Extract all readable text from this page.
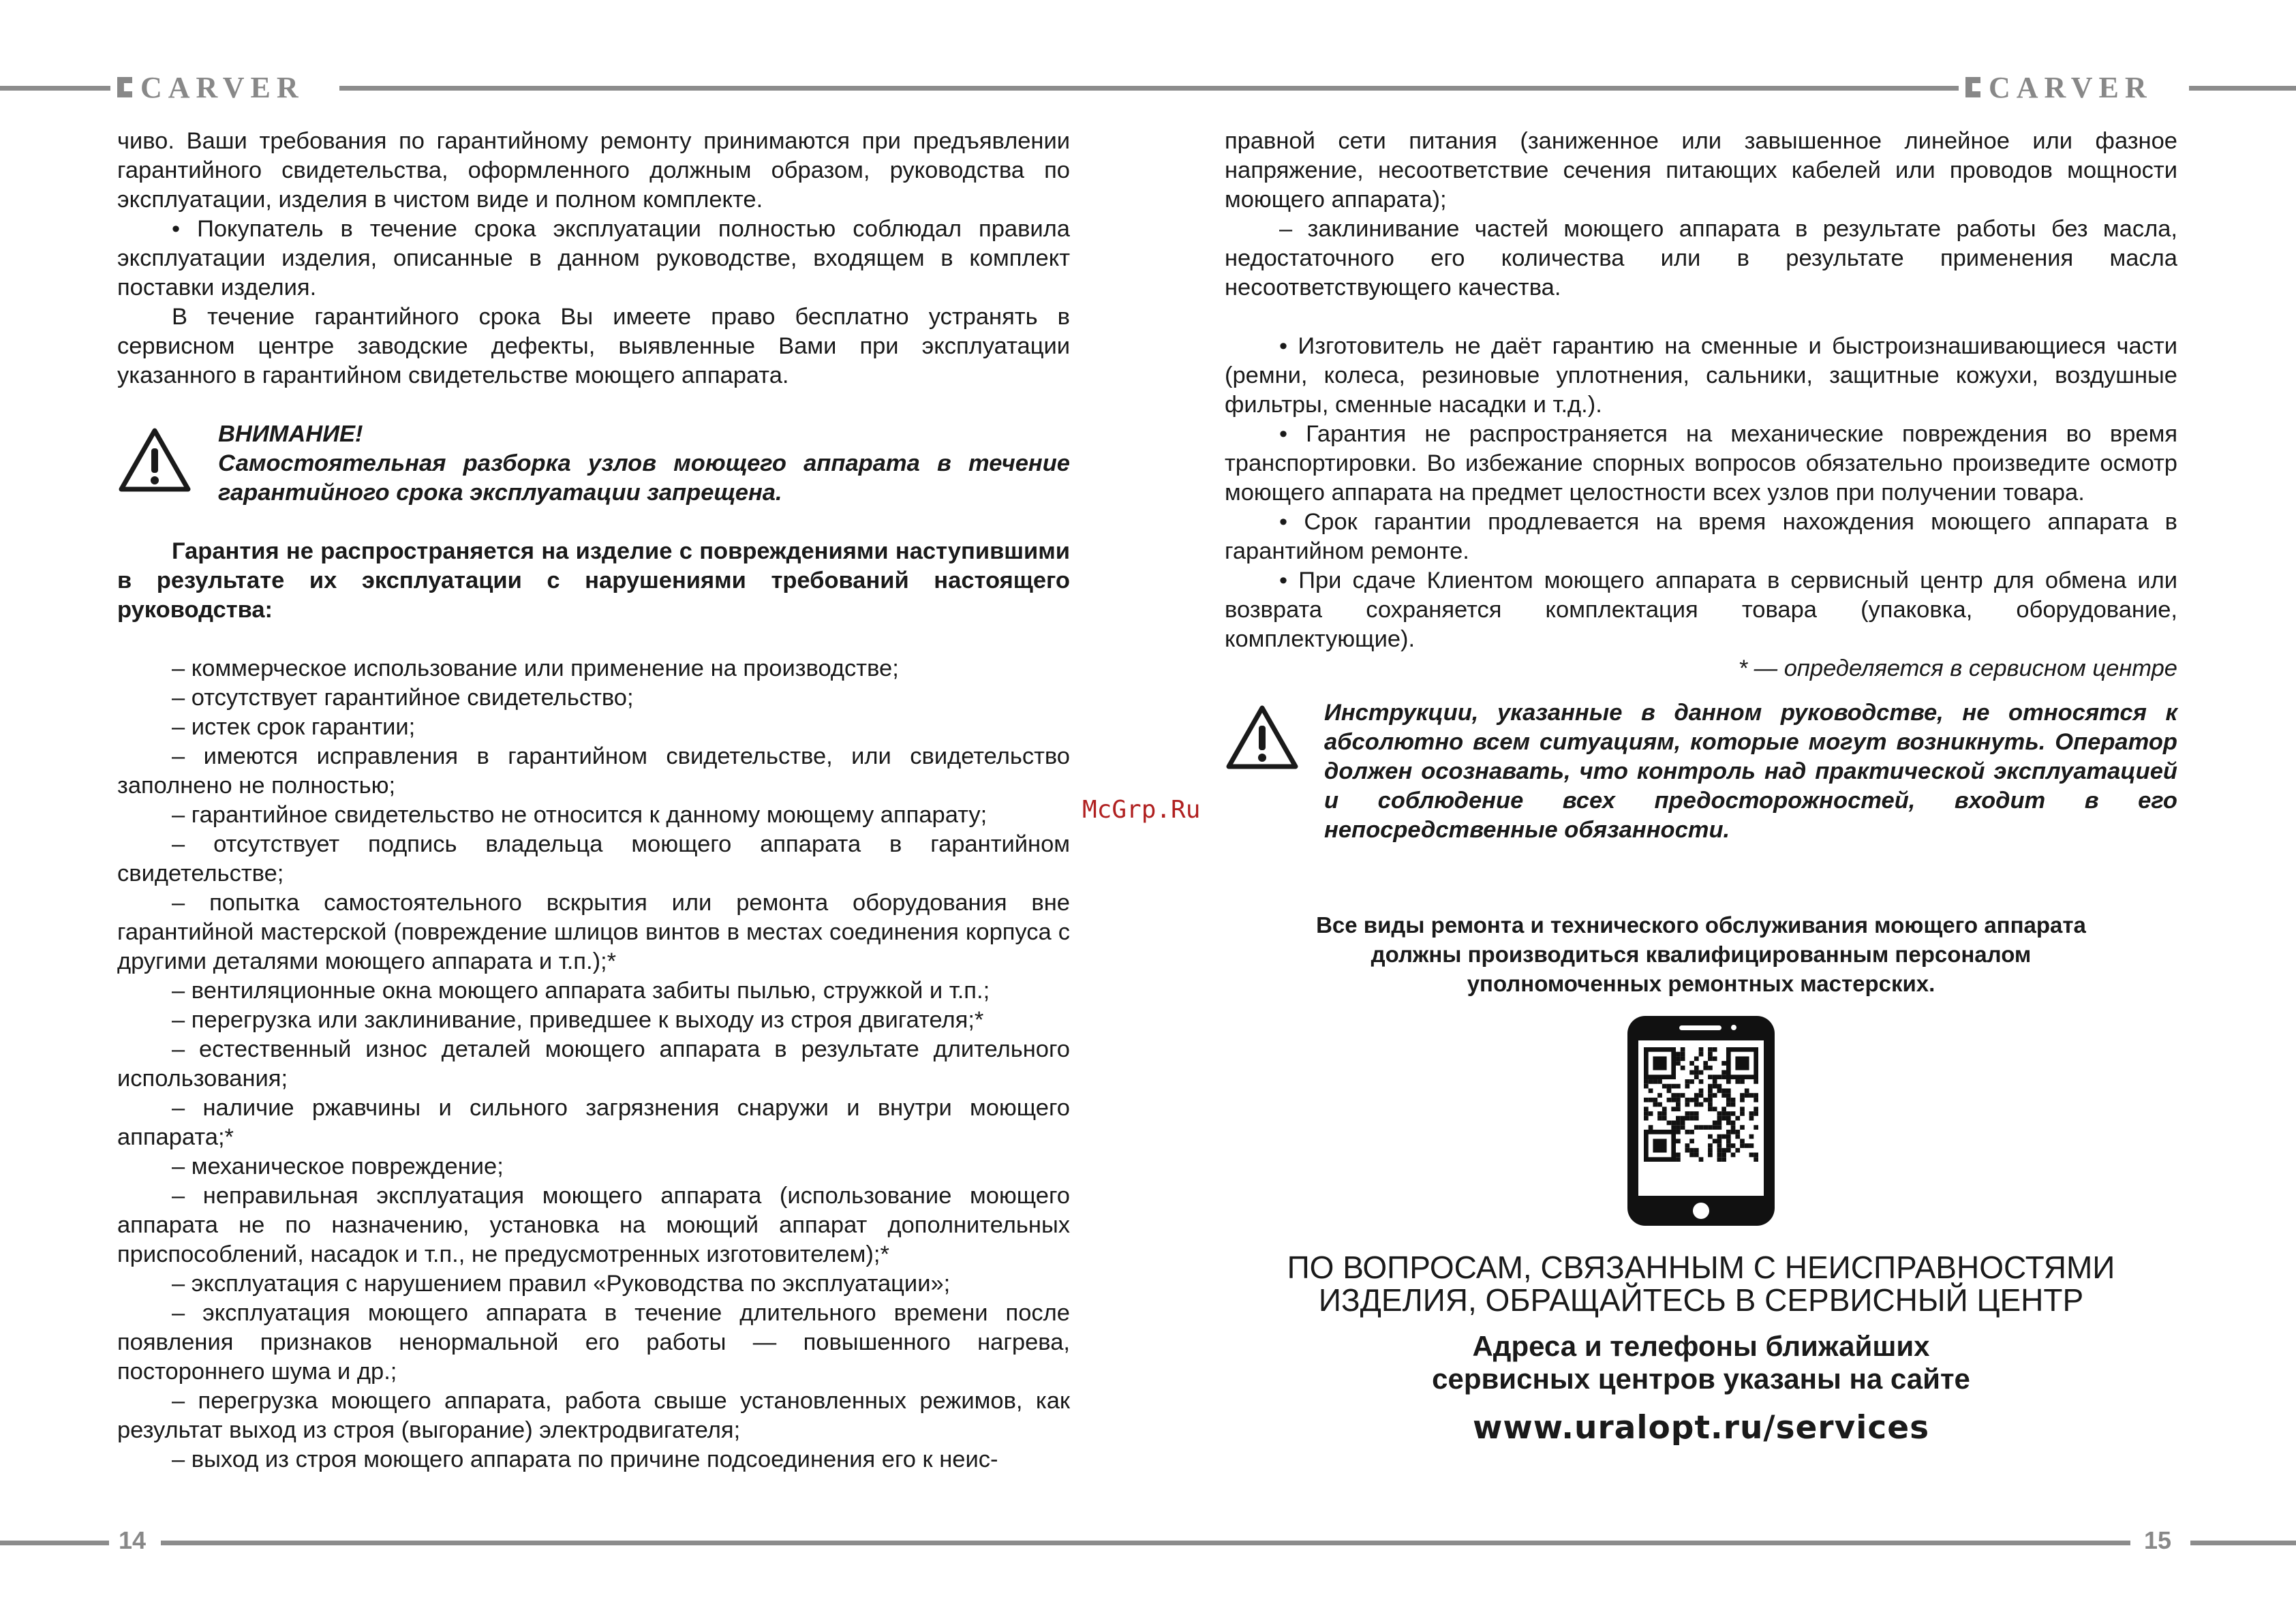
CARVER	CARVER

чиво. Ваши требования по гарантийному ремонту принимаются при предъявлении гарантийного свидетельства, оформленного должным образом, руководства по эксплуатации, изделия в чистом виде и полном комплекте.

• Покупатель в течение срока эксплуатации полностью соблюдал правила эксплуатации изделия, описанные в данном руководстве, входящем в комплект поставки изделия.

В течение гарантийного срока Вы имеете право бесплатно устранять в сервисном центре заводские дефекты, выявленные Вами при эксплуатации указанного в гарантийном свидетельстве моющего аппарата.

ВНИМАНИЕ!
Самостоятельная разборка узлов моющего аппарата в течение гарантийного срока эксплуатации запрещена.

Гарантия не распространяется на изделие с повреждениями наступившими в результате их эксплуатации с нарушениями требований настоящего руководства:

– коммерческое использование или применение на производстве;

– отсутствует гарантийное свидетельство;

– истек срок гарантии;

– имеются исправления в гарантийном свидетельстве, или свидетельство заполнено не полностью;

– гарантийное свидетельство не относится к данному моющему аппарату;

– отсутствует подпись владельца моющего аппарата в гарантийном свидетельстве;

– попытка самостоятельного вскрытия или ремонта оборудования вне гарантийной мастерской (повреждение шлицов винтов в местах соединения корпуса с другими деталями моющего аппарата и т.п.);*

– вентиляционные окна моющего аппарата забиты пылью, стружкой и т.п.;

– перегрузка или заклинивание, приведшее к выходу из строя двигателя;*

– естественный износ деталей моющего аппарата в результате длительного использования;

– наличие ржавчины и сильного загрязнения снаружи и внутри моющего аппарата;*

– механическое повреждение;

– неправильная эксплуатация моющего аппарата (использование моющего аппарата не по назначению, установка на моющий аппарат дополнительных приспособлений, насадок и т.п., не предусмотренных изготовителем);*

– эксплуатация с нарушением правил «Руководства по эксплуатации»;

– эксплуатация моющего аппарата в течение длительного времени после появления признаков ненормальной его работы — повышенного нагрева, постороннего шума и др.;

– перегрузка моющего аппарата, работа свыше установленных режимов, как результат выход из строя (выгорание) электродвигателя;

– выход из строя моющего аппарата по причине подсоединения его к неис-

McGrp.Ru

правной сети питания (заниженное или завышенное линейное или фазное напряжение, несоответствие сечения питающих кабелей или проводов мощности моющего аппарата);

– заклинивание частей моющего аппарата в результате работы без масла, недостаточного его количества или в результате применения масла несоответствующего качества.

• Изготовитель не даёт гарантию на сменные и быстроизнашивающиеся части (ремни, колеса, резиновые уплотнения, сальники, защитные кожухи, воздушные фильтры, сменные насадки и т.д.).

• Гарантия не распространяется на механические повреждения во время транспортировки. Во избежание спорных вопросов обязательно произведите осмотр моющего аппарата на предмет целостности всех узлов при получении товара.

• Срок гарантии продлевается на время нахождения моющего аппарата в гарантийном ремонте.

• При сдаче Клиентом моющего аппарата в сервисный центр для обмена или возврата сохраняется комплектация товара (упаковка, оборудование, комплектующие).

* — определяется в сервисном центре

Инструкции, указанные в данном руководстве, не относятся к абсолютно всем ситуациям, которые могут возникнуть. Оператор должен осознавать, что контроль над практической эксплуатацией и соблюдение всех предосторожностей, входит в его непосредственные обязанности.

Все виды ремонта и технического обслуживания моющего аппарата

должны производиться квалифицированным персоналом

уполномоченных ремонтных мастерских.

ПО ВОПРОСАМ, СВЯЗАННЫМ С НЕИСПРАВНОСТЯМИ
ИЗДЕЛИЯ, ОБРАЩАЙТЕСЬ В СЕРВИСНЫЙ ЦЕНТР
Адреса и телефоны ближайших
сервисных центров указаны на сайте
www.uralopt.ru/services
14	15
